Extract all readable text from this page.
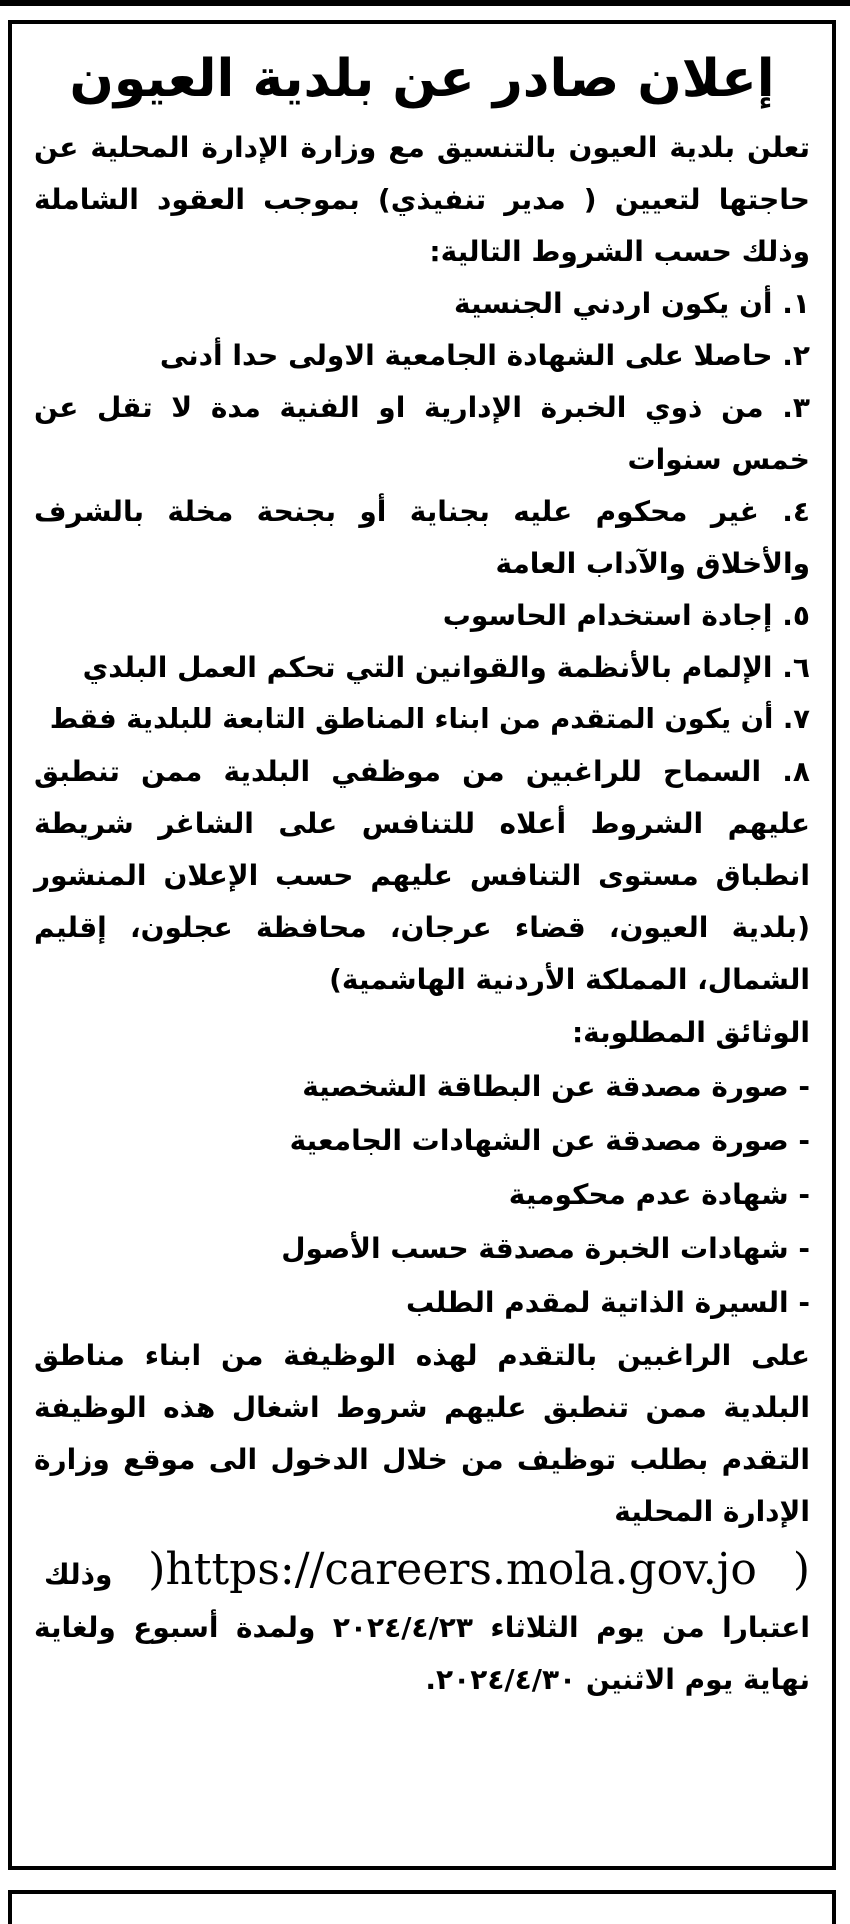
إعلان صادر عن بلدية العيون
تعلن بلدية العيون بالتنسيق مع وزارة الإدارة المحلية عن
حاجتها لتعيين ( مدير تنفيذي) بموجب العقود الشاملة
وذلك حسب الشروط التالية:
١. أن يكون اردني الجنسية
٢. حاصلا على الشهادة الجامعية الاولى حدا أدنى
٣. من ذوي الخبرة الإدارية او الفنية مدة لا تقل عن
خمس سنوات
٤. غير محكوم عليه بجناية أو بجنحة مخلة بالشرف
والأخلاق والآداب العامة
٥. إجادة استخدام الحاسوب
٦. الإلمام بالأنظمة والقوانين التي تحكم العمل البلدي
٧. أن يكون المتقدم من ابناء المناطق التابعة للبلدية فقط
٨. السماح للراغبين من موظفي البلدية ممن تنطبق
عليهم الشروط أعلاه للتنافس على الشاغر شريطة
انطباق مستوى التنافس عليهم حسب الإعلان المنشور
(بلدية العيون، قضاء عرجان، محافظة عجلون، إقليم
الشمال، المملكة الأردنية الهاشمية)
الوثائق المطلوبة:
- صورة مصدقة عن البطاقة الشخصية
- صورة مصدقة عن الشهادات الجامعية
- شهادة عدم محكومية
- شهادات الخبرة مصدقة حسب الأصول
- السيرة الذاتية لمقدم الطلب
على الراغبين بالتقدم لهذه الوظيفة من ابناء مناطق
البلدية ممن تنطبق عليهم شروط اشغال هذه الوظيفة
التقدم بطلب توظيف من خلال الدخول الى موقع وزارة
الإدارة المحلية
(
)https://careers.mola.gov.jo
وذلك
اعتبارا من يوم الثلاثاء ٢٠٢٤/٤/٢٣ ولمدة أسبوع ولغاية
نهاية يوم الاثنين ٢٠٢٤/٤/٣٠.
